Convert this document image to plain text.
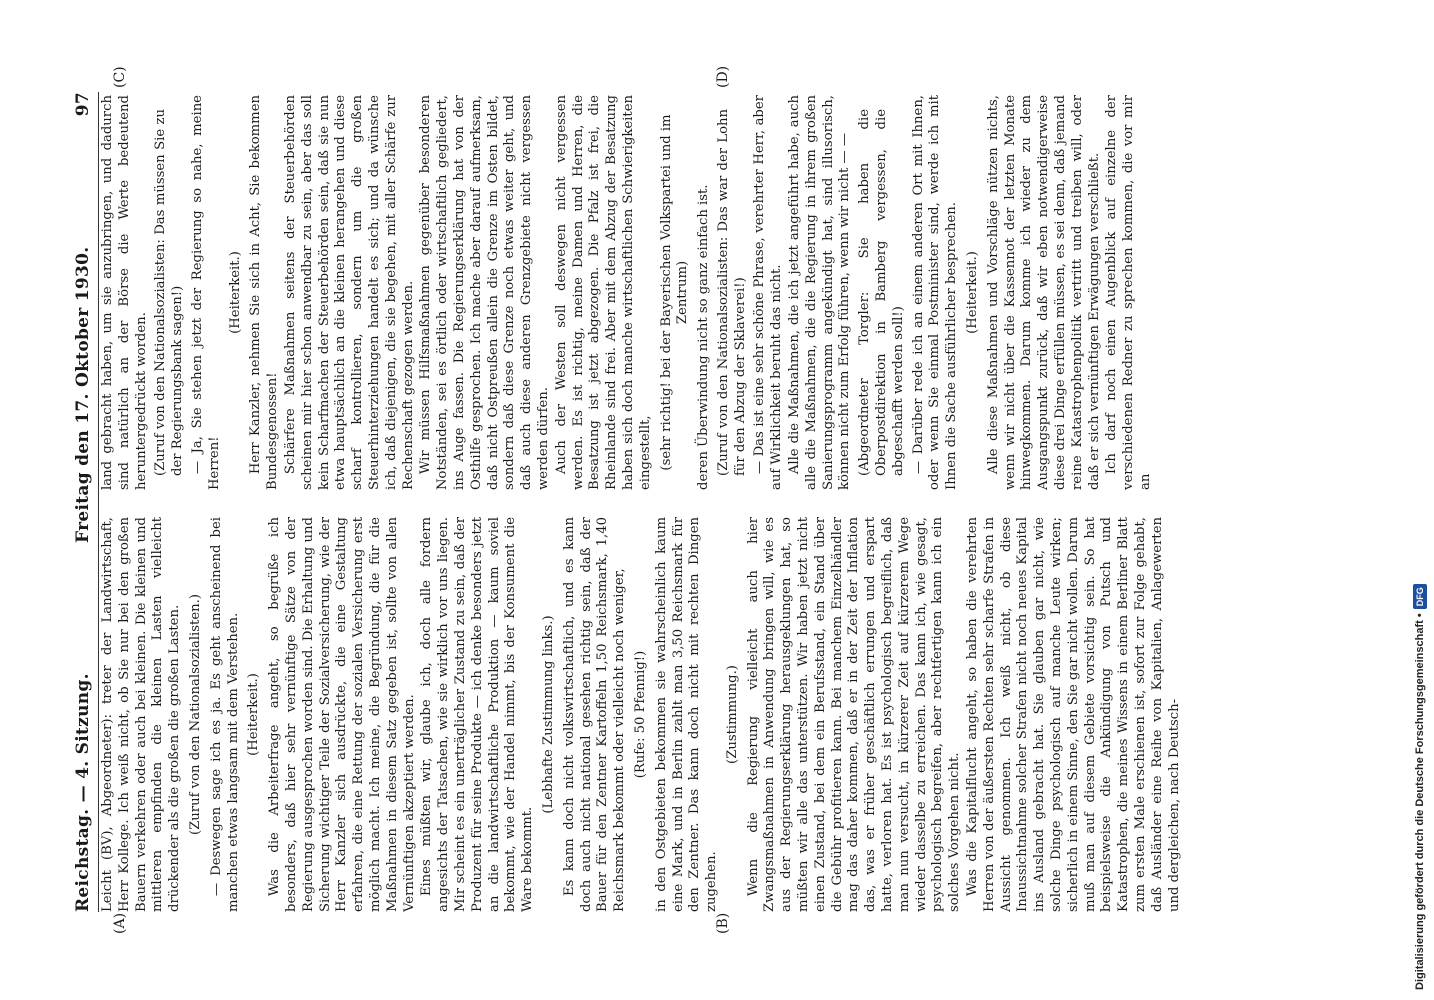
Reichstag. — 4. Sitzung.
Freitag den 17. Oktober 1930.
97
(A)	(B)
(C)	(D)

Leicht (BV), Abgeordneter): treter der Landwirtschaft, Herr Kollege. Ich weiß nicht, ob Sie nur bei den großen Bauern verkehren oder auch bei kleinen. Die kleinen und mittleren empfinden die kleinen Lasten vielleicht drückender als die großen die großen Lasten. (Zuruf von den Nationalsozialisten.) — Deswegen sage ich es ja. Es geht anscheinend bei manchen etwas langsam mit dem Verstehen. (Heiterkeit.) Was die Arbeiterfrage angeht, so begrüße ich besonders, daß hier sehr vernünftige Sätze von der Regierung ausgesprochen worden sind. Die Erhaltung und Sicherung wichtiger Teile der Sozialversicherung, wie der Herr Kanzler sich ausdrückte, die eine Gestaltung erfahren, die eine Rettung der sozialen Versicherung erst möglich macht. Ich meine, die Begründung, die für die Maßnahmen in diesem Satz gegeben ist, sollte von allen Vernünftigen akzeptiert werden. Eines müßten wir, glaube ich, doch alle fordern angesichts der Tatsachen, wie sie wirklich vor uns liegen. Mir scheint es ein unerträglicher Zustand zu sein, daß der Produzent für seine Produkte — ich denke besonders jetzt an die landwirtschaftliche Produktion — kaum soviel bekommt, wie der Handel nimmt, bis der Konsument die Ware bekommt.

(Lebhafte Zustimmung links.) Es kann doch nicht volkswirtschaftlich, und es kann doch auch nicht national gesehen richtig sein, daß der Bauer für den Zentner Kartoffeln 1,50 Reichsmark, 1,40 Reichsmark bekommt oder vielleicht noch weniger, (Rufe: 50 Pfennig!) in den Ostgebieten bekommen sie wahrscheinlich kaum eine Mark, und in Berlin zahlt man 3,50 Reichsmark für den Zentner. Das kann doch nicht mit rechten Dingen zugehen.

(Zustimmung.) Wenn die Regierung vielleicht auch hier Zwangsmaßnahmen in Anwendung bringen will, wie es aus der Regierungserklärung herausgeklungen hat, so müßten wir alle das unterstützen. Wir haben jetzt nicht einen Zustand, bei dem ein Berufsstand, ein Stand über die Gebühr profitieren kann. Bei manchem Einzelhändler mag das daher kommen, daß er in der Zeit der Inflation das, was er früher geschäftlich errungen und erspart hatte, verloren hat. Es ist psychologisch begreiflich, daß man nun versucht, in kürzerer Zeit auf kürzerem Wege wieder dasselbe zu erreichen. Das kann ich, wie gesagt, psychologisch begreifen, aber rechtfertigen kann ich ein solches Vorgehen nicht. Was die Kapitalflucht angeht, so haben die verehrten Herren von der äußersten Rechten sehr scharfe Strafen in Aussicht genommen. Ich weiß nicht, ob diese Inaussichtnahme solcher Strafen nicht noch neues Kapital ins Ausland gebracht hat. Sie glauben gar nicht, wie solche Dinge psychologisch auf manche Leute wirken; sicherlich in einem Sinne, den Sie gar nicht wollen. Darum muß man auf diesem Gebiete vorsichtig sein. So hat beispielsweise die Ankündigung von Putsch und Katastrophen, die meines Wissens in einem Berliner Blatt zum ersten Male erschienen ist, sofort zur Folge gehabt, daß Ausländer eine Reihe von Kapitalien, Anlagewerten und dergleichen, nach Deutsch-

land gebracht haben, um sie anzubringen, und dadurch sind natürlich an der Börse die Werte bedeutend heruntergedrückt worden. (Zuruf von den Nationalsozialisten: Das müssen Sie zu der Regierungsbank sagen!) — Ja, Sie stehen jetzt der Regierung so nahe, meine Herren!

(Heiterkeit.) Herr Kanzler, nehmen Sie sich in Acht, Sie bekommen Bundesgenossen! Schärfere Maßnahmen seitens der Steuerbehörden scheinen mir hier schon anwendbar zu sein, aber das soll kein Scharfmachen der Steuerbehörden sein, daß sie nun etwa hauptsächlich an die kleinen herangehen und diese scharf kontrollieren, sondern um die großen Steuerhinterziehungen handelt es sich; und da wünsche ich, daß diejenigen, die sie begehen, mit aller Schärfe zur Rechenschaft gezogen werden. Wir müssen Hilfsmaßnahmen gegenüber besonderen Notständen, sei es örtlich oder wirtschaftlich gegliedert, ins Auge fassen. Die Regierungserklärung hat von der Osthilfe gesprochen. Ich mache aber darauf aufmerksam, daß nicht Ostpreußen allein die Grenze im Osten bildet, sondern daß diese Grenze noch etwas weiter geht, und daß auch diese anderen Grenzgebiete nicht vergessen werden dürfen. Auch der Westen soll deswegen nicht vergessen werden. Es ist richtig, meine Damen und Herren, die Besatzung ist jetzt abgezogen. Die Pfalz ist frei, die Rheinlande sind frei. Aber mit dem Abzug der Besatzung haben sich doch manche wirtschaftlichen Schwierigkeiten eingestellt, (sehr richtig! bei der Bayerischen Volkspartei und im Zentrum) deren Überwindung nicht so ganz einfach ist. (Zuruf von den Nationalsozialisten: Das war der Lohn für den Abzug der Sklaverei!) — Das ist eine sehr schöne Phrase, verehrter Herr, aber auf Wirklichkeit beruht das nicht. Alle die Maßnahmen, die ich jetzt angeführt habe, auch alle die Maßnahmen, die die Regierung in ihrem großen Sanierungsprogramm angekündigt hat, sind illusorisch, können nicht zum Erfolg führen, wenn wir nicht — — (Abgeordneter Torgler: Sie haben die Oberpostdirektion in Bamberg vergessen, die abgeschafft werden soll!) — Darüber rede ich an einem anderen Ort mit Ihnen, oder wenn Sie einmal Postminister sind, werde ich mit Ihnen die Sache ausführlicher besprechen. (Heiterkeit.) Alle diese Maßnahmen und Vorschläge nützen nichts, wenn wir nicht über die Kassennot der letzten Monate hinwegkommen. Darum komme ich wieder zu dem Ausgangspunkt zurück, daß wir eben notwendigerweise diese drei Dinge erfüllen müssen, es sei denn, daß jemand reine Katastrophenpolitik vertritt und treiben will, oder daß er sich vernünftigen Erwägungen verschließt. Ich darf noch einen Augenblick auf einzelne der verschiedenen Redner zu sprechen kommen, die vor mir an

Digitalisierung gefördert durch die Deutsche Forschungsgemeinschaft •
DFG
